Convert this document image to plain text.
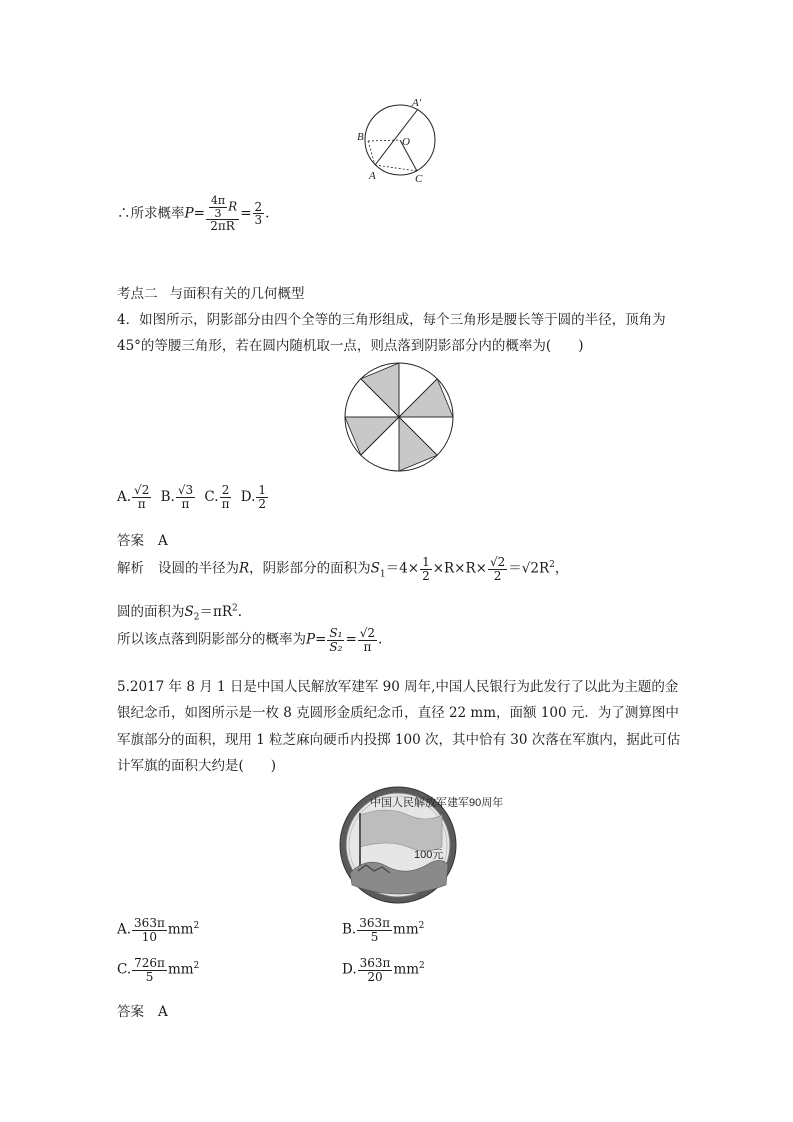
A′
B	O
A	C
∴所求概率$P= \frac{\frac{4\pi}{3} R}{2\pi R} = \frac{2}{3}$ .
考点二 与面积有关的几何概型
4．如图所示，阴影部分由四个全等的三角形组成，每个三角形是腰长等于圆的半径，顶角为
45°的等腰三角形，若在圆内随机取一点，则点落到阴影部分内的概率为(　　)
A. $\frac{√2}{\pi} B$. $\frac{√3}{\pi} C$. $\frac{2}{\pi} D$. $\frac{1}{2}$
答案 A
解析 设圆的半径为R，阴影部分的面积为$S_1=4\times \frac{1}{2} \times R\times R\times \frac{√2}{2} =√2R^2$，
圆的面积为$S_2=\pi R^2$.
所以该点落到阴影部分的概率为$P= \frac{\text{S₁}}{\text{S₂}} = \frac{√2}{\pi}$ .
5.2017 年 8 月 1 日是中国人民解放军建军 90 周年,中国人民银行为此发行了以此为主题的金
银纪念币，如图所示是一枚 8 克圆形金质纪念币，直径 22 mm，面额 100 元．为了测算图中
军旗部分的面积，现用 1 粒芝麻向硬币内投掷 100 次，其中恰有 30 次落在军旗内，据此可估
计军旗的面积大约是(　　)
100元
中国人民解放军建军90周年
A. $\frac{363\pi}{10} mm^2$	B. $\frac{363\pi}{5} mm^2$
C. $\frac{726\pi}{5} mm^2$	D. $\frac{363\pi}{20} mm^2$
答案 A
